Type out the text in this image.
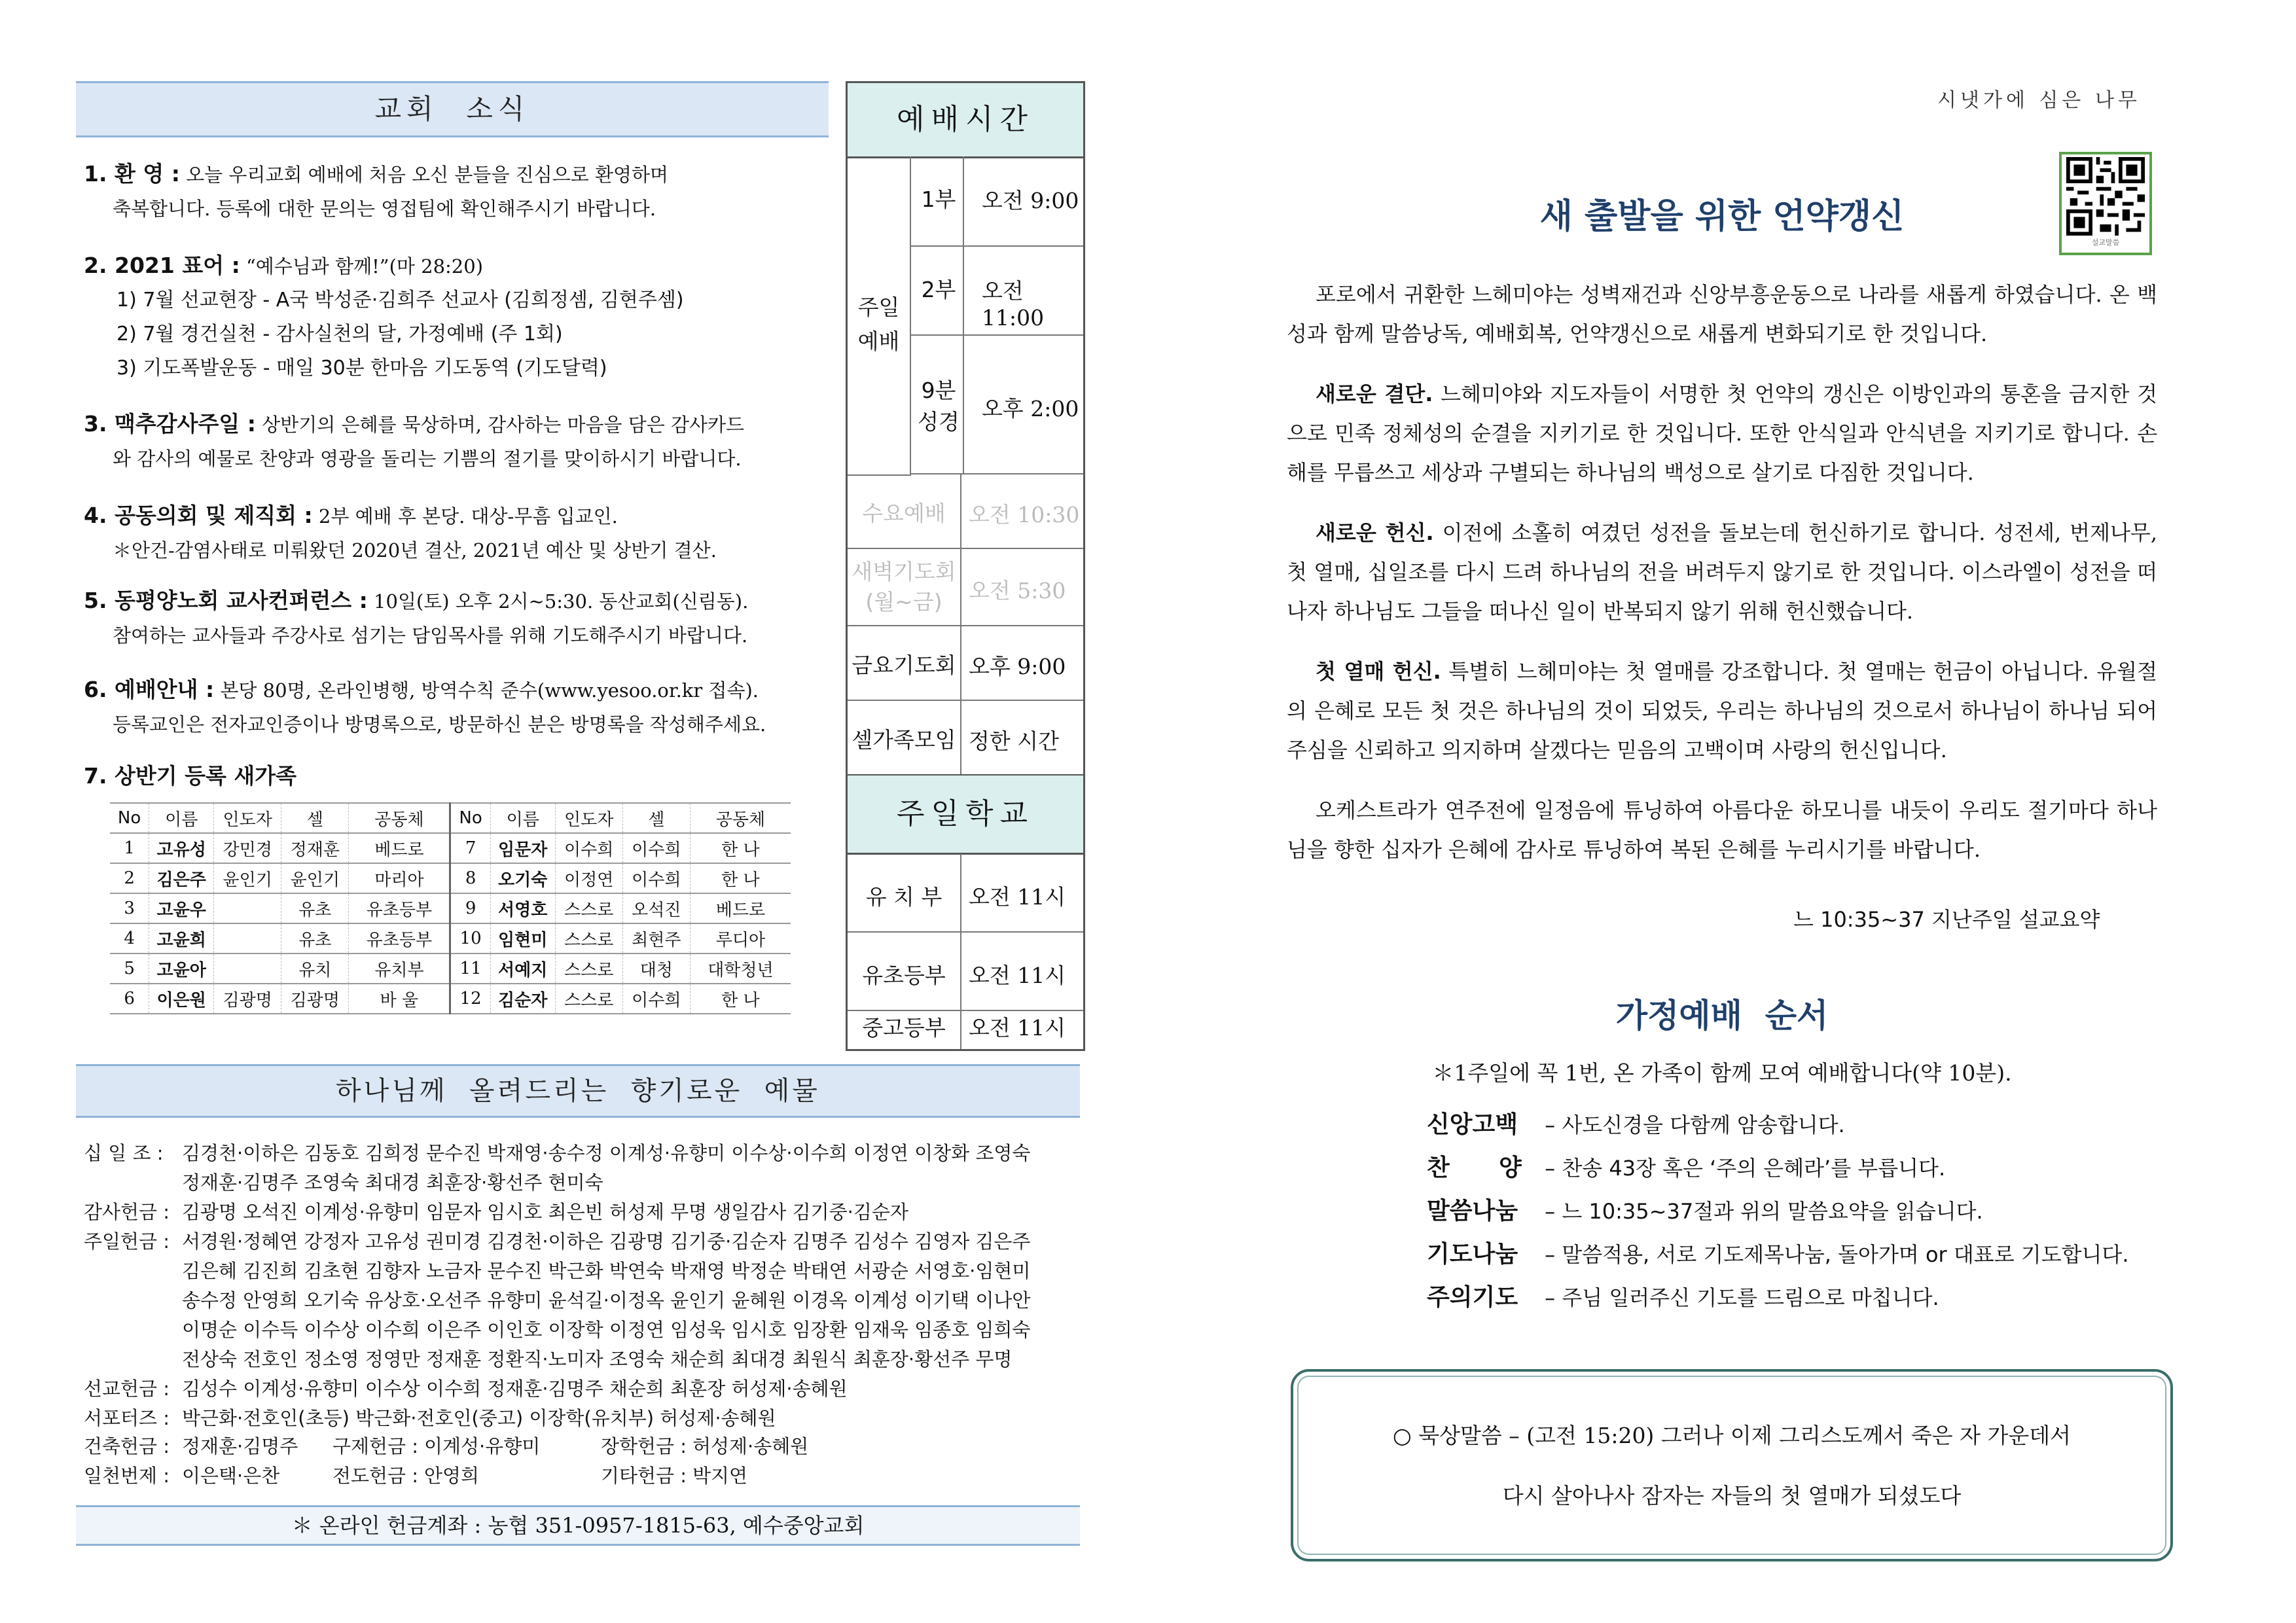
교회  소식
1. 환 영 : 오늘 우리교회 예배에 처음 오신 분들을 진심으로 환영하며
축복합니다. 등록에 대한 문의는 영접팀에 확인해주시기 바랍니다.
2. 2021 표어 : “예수님과 함께!”(마 28:20)

1) 7월 선교현장 - A국 박성준·김희주 선교사 (김희정셈, 김현주셈)
2) 7월 경건실천 - 감사실천의 달, 가정예배 (주 1회)
3) 기도폭발운동 - 매일 30분 한마음 기도동역 (기도달력)
3. 맥추감사주일 : 상반기의 은혜를 묵상하며, 감사하는 마음을 담은 감사카드
와 감사의 예물로 찬양과 영광을 돌리는 기쁨의 절기를 맞이하시기 바랍니다.
4. 공동의회 및 제직회 : 2부 예배 후 본당. 대상-무흠 입교인.
＊안건-감염사태로 미뤄왔던 2020년 결산, 2021년 예산 및 상반기 결산.
5. 동평양노회 교사컨퍼런스 : 10일(토) 오후 2시~5:30. 동산교회(신림동).
참여하는 교사들과 주강사로 섬기는 담임목사를 위해 기도해주시기 바랍니다.
6. 예배안내 : 본당 80명, 온라인병행, 방역수칙 준수(www.yesoo.or.kr 접속).
등록교인은 전자교인증이나 방명록으로, 방문하신 분은 방명록을 작성해주세요.
7. 상반기 등록 새가족
No	이름	인도자	셀	공동체	No	이름	인도자	셀	공동체
1	고유성	강민경	정재훈	베드로	7	임문자	이수희	이수희	한 나
2	김은주	윤인기	윤인기	마리아	8	오기숙	이정연	이수희	한 나
3	고윤우		유초	유초등부	9	서영호	스스로	오석진	베드로
4	고윤희		유초	유초등부	10	임현미	스스로	최현주	루디아
5	고윤아		유치	유치부	11	서예지	스스로	대청	대학청년
6	이은원	김광명	김광명	바 울	12	김순자	스스로	이수희	한 나
예배시간
주일
예배
1부 오전 9:00
2부 오전 11:00
9분
성경
오후 2:00
수요예배	오전 10:30
새벽기도회
(월~금)	오전 5:30
금요기도회 오후 9:00
셀가족모임 정한 시간
주일학교
유 치 부	오전 11시
유초등부	오전 11시
중고등부	오전 11시
하나님께  올려드리는  향기로운  예물
십 일 조 : 김경천·이하은 김동호 김희정 문수진 박재영·송수정 이계성·유향미 이수상·이수희 이정연 이창화 조영숙
정재훈·김명주 조영숙 최대경 최훈장·황선주 현미숙
감사헌금 : 김광명 오석진 이계성·유향미 임문자 임시호 최은빈 허성제 무명 생일감사 김기중·김순자
주일헌금 : 서경원·정혜연 강정자 고유성 권미경 김경천·이하은 김광명 김기중·김순자 김명주 김성수 김영자 김은주
김은혜 김진희 김초현 김향자 노금자 문수진 박근화 박연숙 박재영 박정순 박태연 서광순 서영호·임현미
송수정 안영희 오기숙 유상호·오선주 유향미 윤석길·이정옥 윤인기 윤혜원 이경옥 이계성 이기택 이나안
이명순 이수득 이수상 이수희 이은주 이인호 이장학 이정연 임성욱 임시호 임장환 임재욱 임종호 임희숙
전상숙 전호인 정소영 정영만 정재훈 정환직·노미자 조영숙 채순희 최대경 최원식 최훈장·황선주 무명
선교헌금 : 김성수 이계성·유향미 이수상 이수희 정재훈·김명주 채순희 최훈장 허성제·송혜원
서포터즈 : 박근화·전호인(초등) 박근화·전호인(중고) 이장학(유치부) 허성제·송혜원
건축헌금 : 정재훈·김명주 구제헌금 : 이계성·유향미	장학헌금 : 허성제·송혜원
일천번제 : 이은택·은찬	전도헌금 : 안영희	기타헌금 : 박지연
＊ 온라인 헌금계좌 : 농협 351-0957-1815-63, 예수중앙교회
시냇가에 심은 나무
설교말씀
새 출발을 위한 언약갱신
포로에서 귀환한 느헤미야는 성벽재건과 신앙부흥운동으로 나라를 새롭게 하였습니다. 온 백성과 함께 말씀낭독, 예배회복, 언약갱신으로 새롭게 변화되기로 한 것입니다.
새로운 결단. 느헤미야와 지도자들이 서명한 첫 언약의 갱신은 이방인과의 통혼을 금지한 것으로 민족 정체성의 순결을 지키기로 한 것입니다. 또한 안식일과 안식년을 지키기로 합니다. 손해를 무릅쓰고 세상과 구별되는 하나님의 백성으로 살기로 다짐한 것입니다.
새로운 헌신. 이전에 소홀히 여겼던 성전을 돌보는데 헌신하기로 합니다. 성전세, 번제나무, 첫 열매, 십일조를 다시 드려 하나님의 전을 버려두지 않기로 한 것입니다. 이스라엘이 성전을 떠나자 하나님도 그들을 떠나신 일이 반복되지 않기 위해 헌신했습니다.
첫 열매 헌신. 특별히 느헤미야는 첫 열매를 강조합니다. 첫 열매는 헌금이 아닙니다. 유월절의 은혜로 모든 첫 것은 하나님의 것이 되었듯, 우리는 하나님의 것으로서 하나님이 하나님 되어주심을 신뢰하고 의지하며 살겠다는 믿음의 고백이며 사랑의 헌신입니다.
오케스트라가 연주전에 일정음에 튜닝하여 아름다운 하모니를 내듯이 우리도 절기마다 하나님을 향한 십자가 은혜에 감사로 튜닝하여 복된 은혜를 누리시기를 바랍니다.
느 10:35~37 지난주일 설교요약
가정예배  순서
＊1주일에 꼭 1번, 온 가족이 함께 모여 예배합니다(약 10분).
신앙고백 – 사도신경을 다함께 암송합니다.
찬      양 – 찬송 43장 혹은 ‘주의 은혜라’를 부릅니다.
말씀나눔 – 느 10:35~37절과 위의 말씀요약을 읽습니다.
기도나눔 – 말씀적용, 서로 기도제목나눔, 돌아가며 or 대표로 기도합니다.
주의기도 – 주님 일러주신 기도를 드림으로 마칩니다.
○ 묵상말씀 – (고전 15:20) 그러나 이제 그리스도께서 죽은 자 가운데서
다시 살아나사 잠자는 자들의 첫 열매가 되셨도다
